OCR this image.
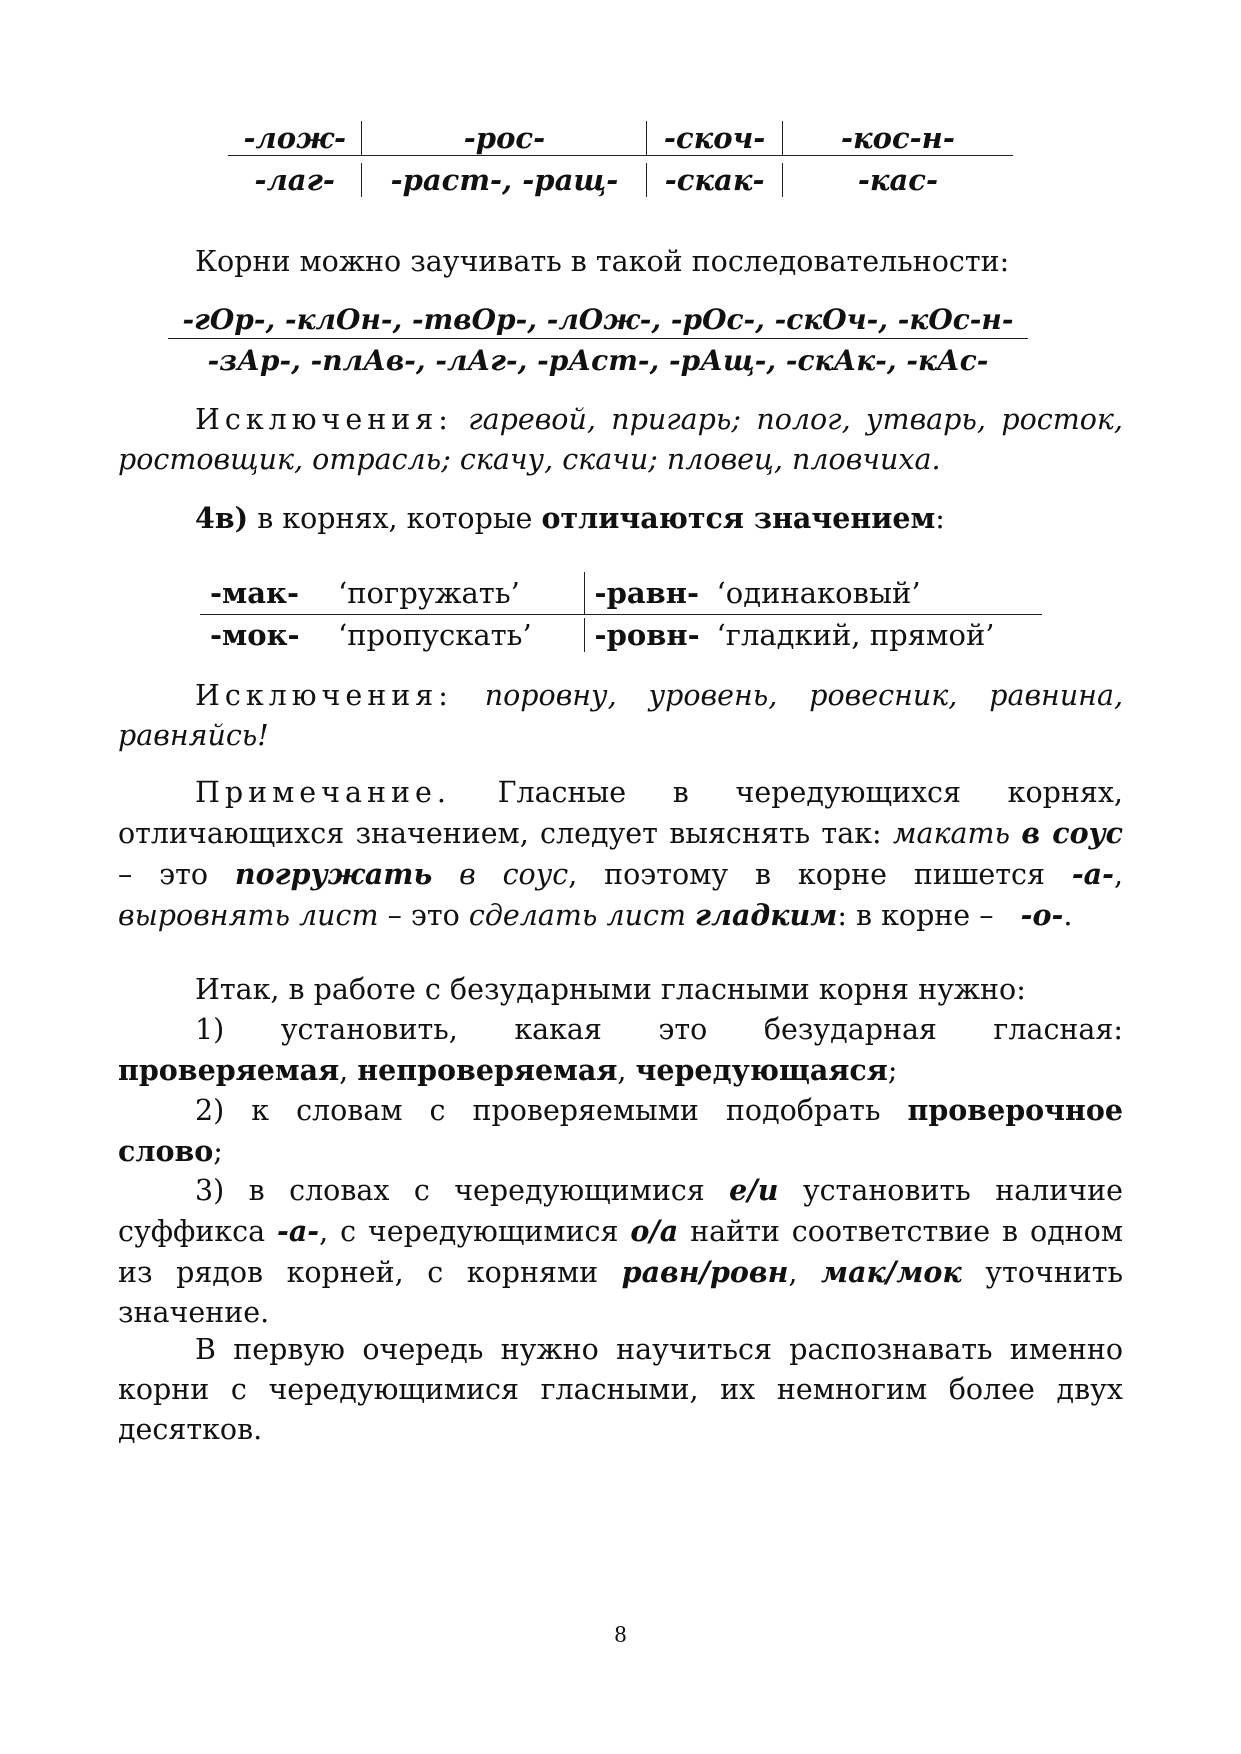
-лож-	-рос-	-скоч-	-кос-н-
-лаг-	-раст-, -ращ-	-скак-	-кас-

Корни можно заучивать в такой последовательности:

-гОр-, -клОн-, -твОр-, -лОж-, -рОс-, -скОч-, -кОс-н-
-зАр-, -плАв-, -лАг-, -рАст-, -рАщ-, -скАк-, -кАс-

Исключения: гаревой, пригарь; полог, утварь, росток, ростовщик, отрасль; скачу, скачи; пловец, пловчиха.

4в) в корнях, которые отличаются значением:

-мак-	‘погружать’	-равн- ‘одинаковый’
-мок-	‘пропускать’	-ровн- ‘гладкий, прямой’

Исключения: поровну, уровень, ровесник, равнина, равняйсь!

Примечание. Гласные в чередующихся корнях, отличающихся значением, следует выяснять так: макать в соус – это погружать в соус, поэтому в корне пишется -а-, выровнять лист – это сделать лист гладким: в корне – -о-.

Итак, в работе с безударными гласными корня нужно:

1) установить, какая это безударная гласная: проверяемая, непроверяемая, чередующаяся;

2) к словам с проверяемыми подобрать проверочное слово;

3) в словах с чередующимися е/и установить наличие суффикса -а-, с чередующимися о/а найти соответствие в одном из рядов корней, с корнями равн/ровн, мак/мок уточнить значение.

В первую очередь нужно научиться распознавать именно корни с чередующимися гласными, их немногим более двух десятков.

8
